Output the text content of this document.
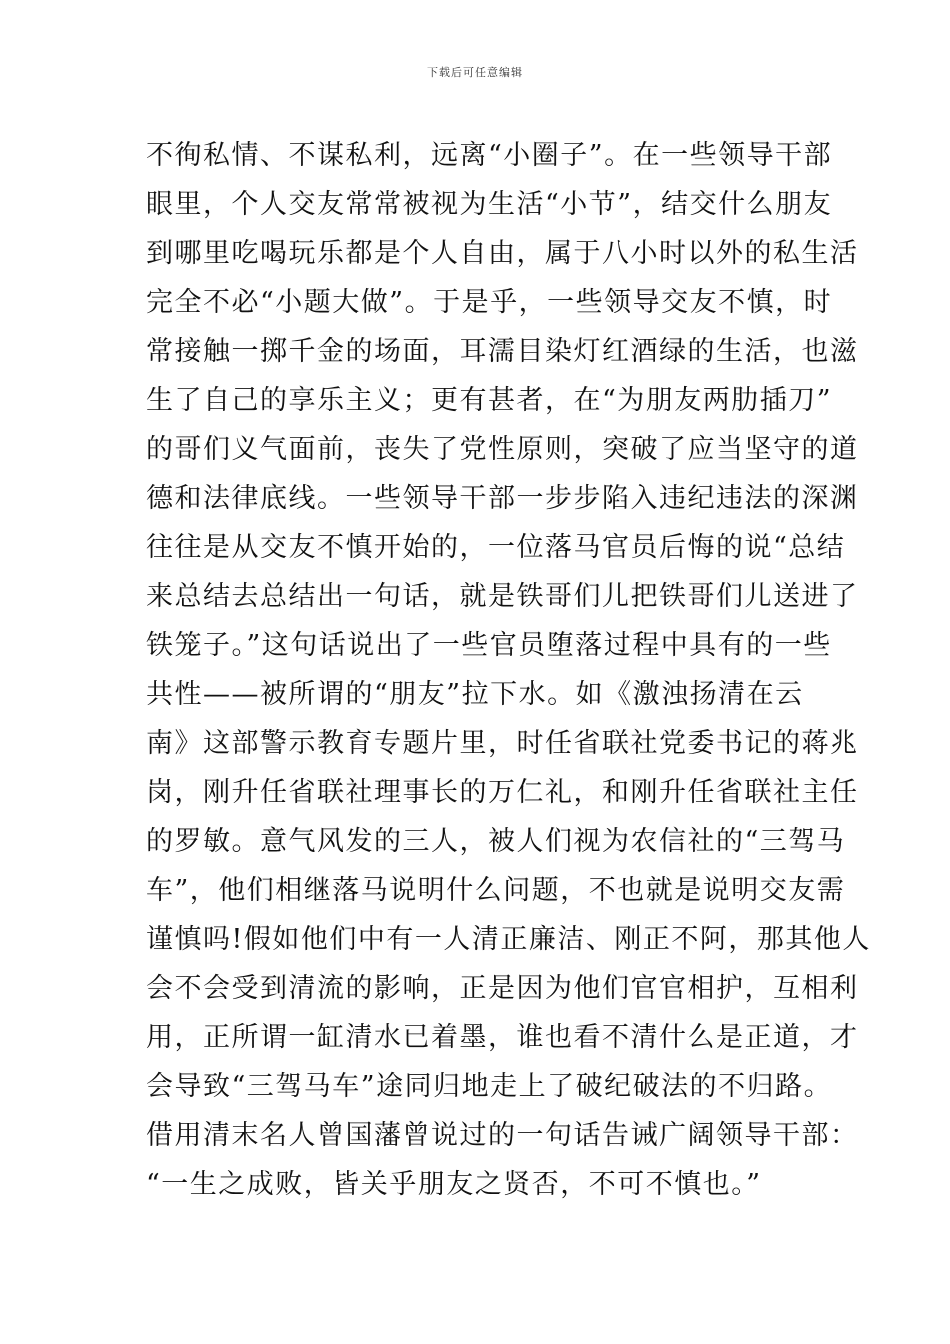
下载后可任意编辑
不徇私情、不谋私利，远离“小圈子”。在一些领导干部
眼里，个人交友常常被视为生活“小节”，结交什么朋友
到哪里吃喝玩乐都是个人自由，属于八小时以外的私生活
完全不必“小题大做”。于是乎，一些领导交友不慎，时
常接触一掷千金的场面，耳濡目染灯红酒绿的生活，也滋
生了自己的享乐主义；更有甚者，在“为朋友两肋插刀”
的哥们义气面前，丧失了党性原则，突破了应当坚守的道
德和法律底线。一些领导干部一步步陷入违纪违法的深渊
往往是从交友不慎开始的，一位落马官员后悔的说“总结
来总结去总结出一句话，就是铁哥们儿把铁哥们儿送进了
铁笼子。”这句话说出了一些官员堕落过程中具有的一些
共性——被所谓的“朋友”拉下水。如《激浊扬清在云
南》这部警示教育专题片里，时任省联社党委书记的蒋兆
岗，刚升任省联社理事长的万仁礼，和刚升任省联社主任
的罗敏。意气风发的三人，被人们视为农信社的“三驾马
车”，他们相继落马说明什么问题，不也就是说明交友需
谨慎吗!假如他们中有一人清正廉洁、刚正不阿，那其他人
会不会受到清流的影响，正是因为他们官官相护，互相利
用，正所谓一缸清水已着墨，谁也看不清什么是正道，才
会导致“三驾马车”途同归地走上了破纪破法的不归路。
借用清末名人曾国藩曾说过的一句话告诫广阔领导干部：
“一生之成败，皆关乎朋友之贤否，不可不慎也。”
